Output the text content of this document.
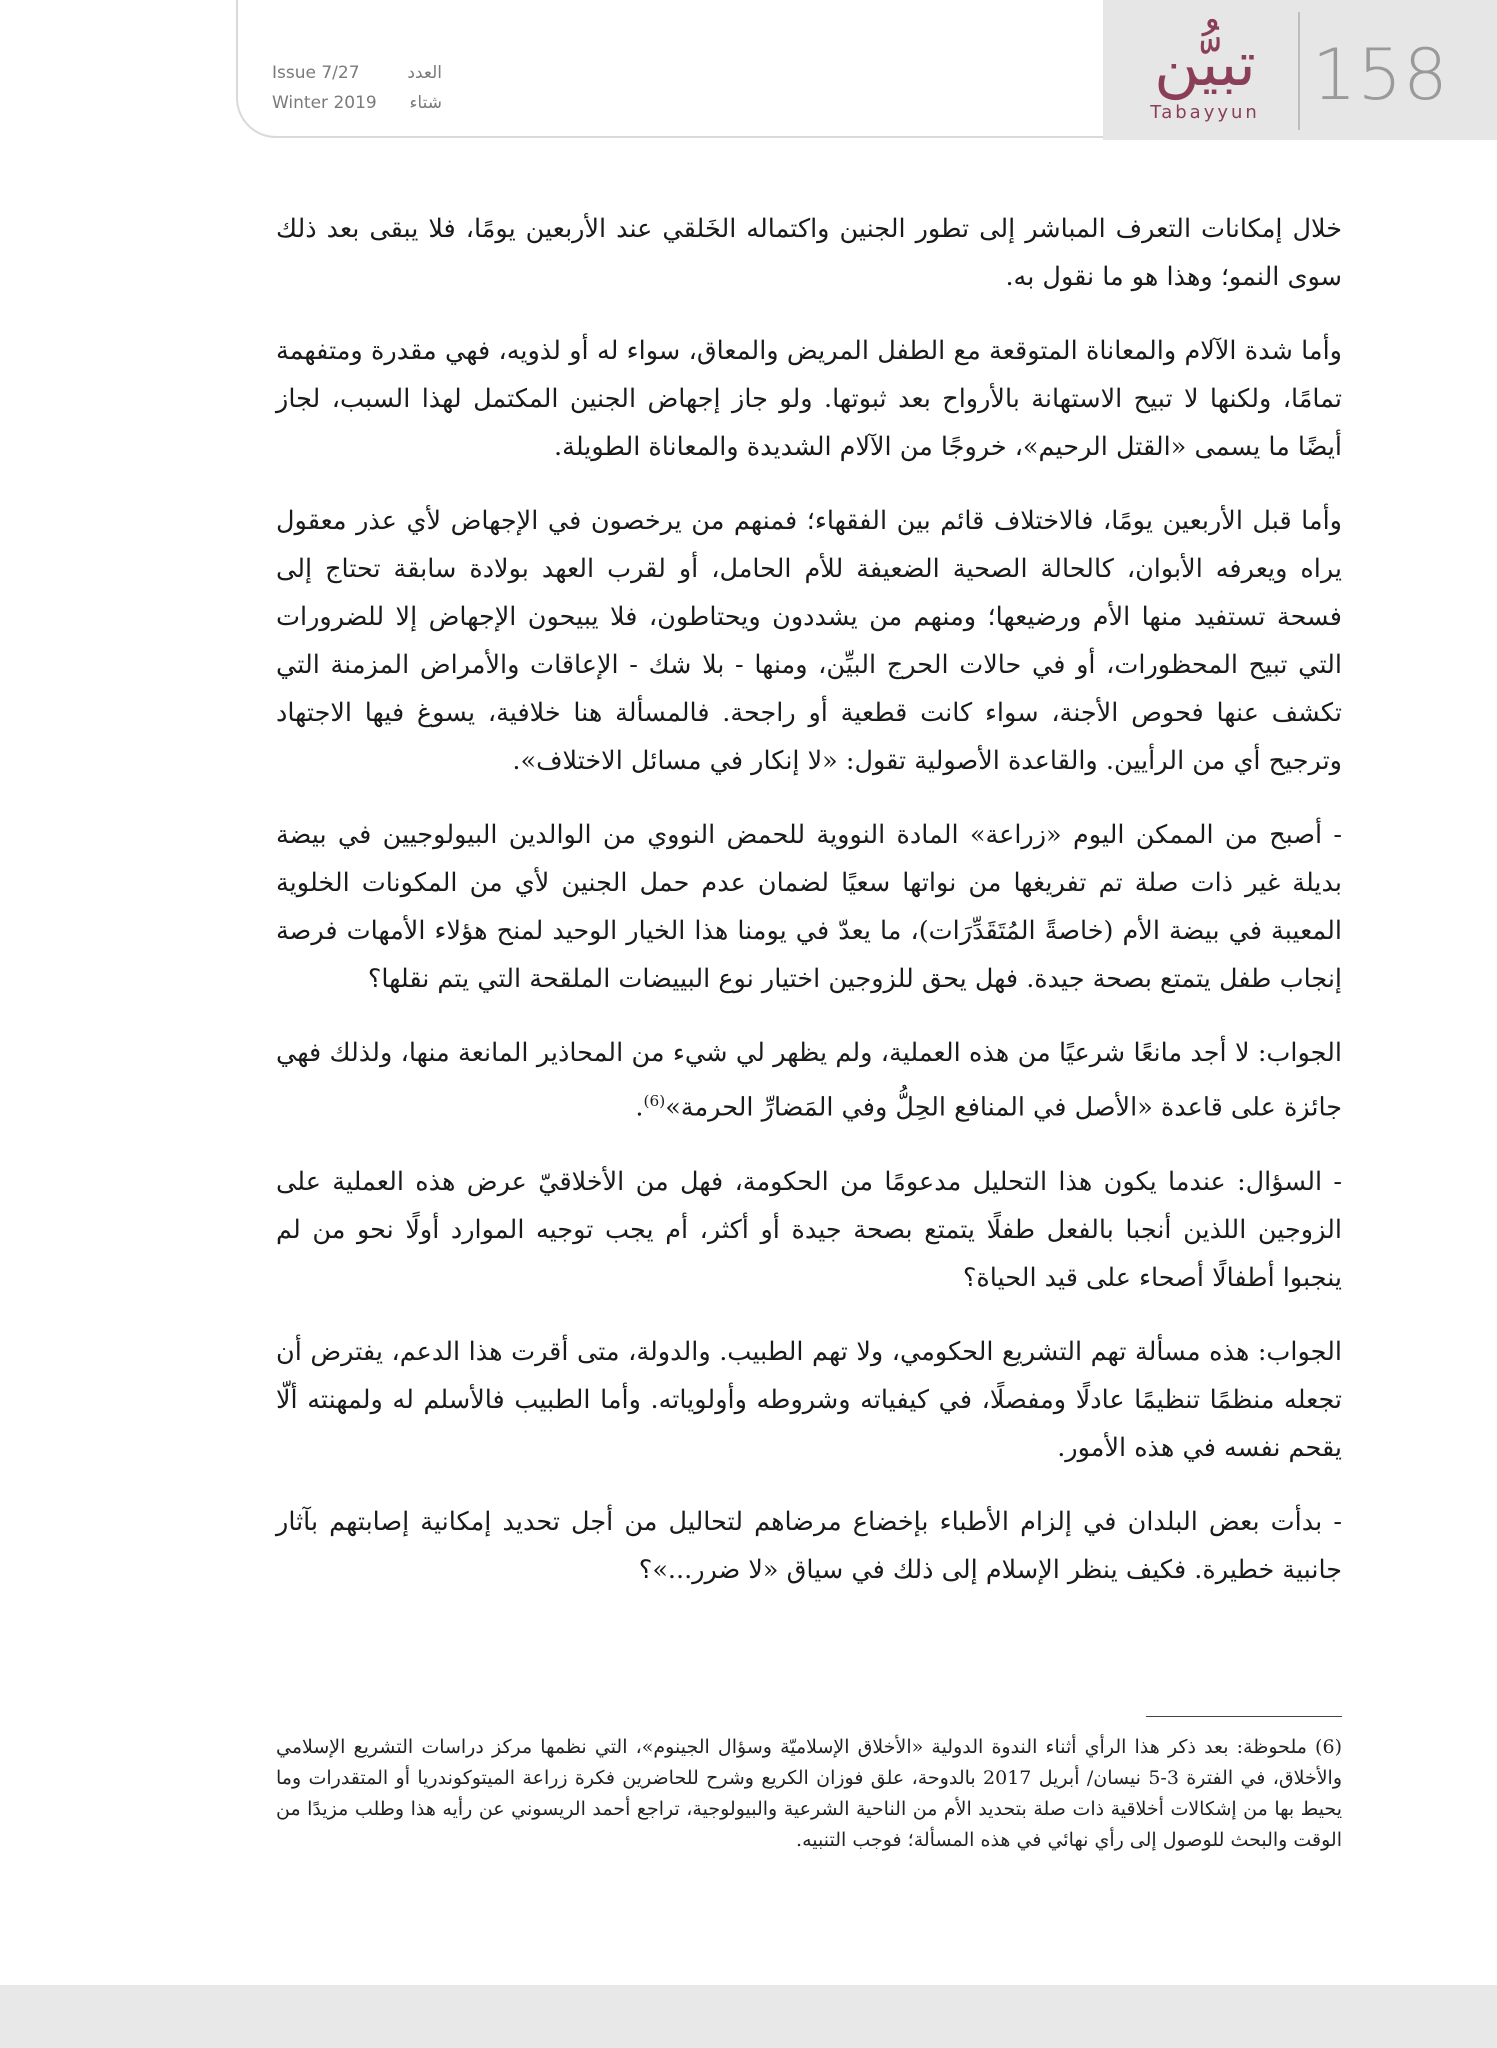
158
تبيُّن
Tabayyun
Issue 7/27	العدد
Winter 2019 شتاء

خلال إمكانات التعرف المباشر إلى تطور الجنين واكتماله الخَلقي عند الأربعين يومًا، فلا يبقى بعد ذلك سوى النمو؛ وهذا هو ما نقول به.

وأما شدة الآلام والمعاناة المتوقعة مع الطفل المريض والمعاق، سواء له أو لذويه، فهي مقدرة ومتفهمة تمامًا، ولكنها لا تبيح الاستهانة بالأرواح بعد ثبوتها. ولو جاز إجهاض الجنين المكتمل لهذا السبب، لجاز أيضًا ما يسمى «القتل الرحيم»، خروجًا من الآلام الشديدة والمعاناة الطويلة.

وأما قبل الأربعين يومًا، فالاختلاف قائم بين الفقهاء؛ فمنهم من يرخصون في الإجهاض لأي عذر معقول يراه ويعرفه الأبوان، كالحالة الصحية الضعيفة للأم الحامل، أو لقرب العهد بولادة سابقة تحتاج إلى فسحة تستفيد منها الأم ورضيعها؛ ومنهم من يشددون ويحتاطون، فلا يبيحون الإجهاض إلا للضرورات التي تبيح المحظورات، أو في حالات الحرج البيِّن، ومنها - بلا شك - الإعاقات والأمراض المزمنة التي تكشف عنها فحوص الأجنة، سواء كانت قطعية أو راجحة. فالمسألة هنا خلافية، يسوغ فيها الاجتهاد وترجيح أي من الرأيين. والقاعدة الأصولية تقول: «لا إنكار في مسائل الاختلاف».

- أصبح من الممكن اليوم «زراعة» المادة النووية للحمض النووي من الوالدين البيولوجيين في بيضة بديلة غير ذات صلة تم تفريغها من نواتها سعيًا لضمان عدم حمل الجنين لأي من المكونات الخلوية المعيبة في بيضة الأم (خاصةً المُتَقَدِّرَات)، ما يعدّ في يومنا هذا الخيار الوحيد لمنح هؤلاء الأمهات فرصة إنجاب طفل يتمتع بصحة جيدة. فهل يحق للزوجين اختيار نوع البييضات الملقحة التي يتم نقلها؟

الجواب: لا أجد مانعًا شرعيًا من هذه العملية، ولم يظهر لي شيء من المحاذير المانعة منها، ولذلك فهي جائزة على قاعدة «الأصل في المنافع الحِلُّ وفي المَضارِّ الحرمة»$^{(6)}$.

- السؤال: عندما يكون هذا التحليل مدعومًا من الحكومة، فهل من الأخلاقيّ عرض هذه العملية على الزوجين اللذين أنجبا بالفعل طفلًا يتمتع بصحة جيدة أو أكثر، أم يجب توجيه الموارد أولًا نحو من لم ينجبوا أطفالًا أصحاء على قيد الحياة؟

الجواب: هذه مسألة تهم التشريع الحكومي، ولا تهم الطبيب. والدولة، متى أقرت هذا الدعم، يفترض أن تجعله منظمًا تنظيمًا عادلًا ومفصلًا، في كيفياته وشروطه وأولوياته. وأما الطبيب فالأسلم له ولمهنته ألّا يقحم نفسه في هذه الأمور.

- بدأت بعض البلدان في إلزام الأطباء بإخضاع مرضاهم لتحاليل من أجل تحديد إمكانية إصابتهم بآثار جانبية خطيرة. فكيف ينظر الإسلام إلى ذلك في سياق «لا ضرر...»؟

(6) ملحوظة: بعد ذكر هذا الرأي أثناء الندوة الدولية «الأخلاق الإسلاميّة وسؤال الجينوم»، التي نظمها مركز دراسات التشريع الإسلامي والأخلاق، في الفترة 3-5 نيسان/ أبريل 2017 بالدوحة، علق فوزان الكريع وشرح للحاضرين فكرة زراعة الميتوكوندريا أو المتقدرات وما يحيط بها من إشكالات أخلاقية ذات صلة بتحديد الأم من الناحية الشرعية والبيولوجية، تراجع أحمد الريسوني عن رأيه هذا وطلب مزيدًا من الوقت والبحث للوصول إلى رأي نهائي في هذه المسألة؛ فوجب التنبيه.
